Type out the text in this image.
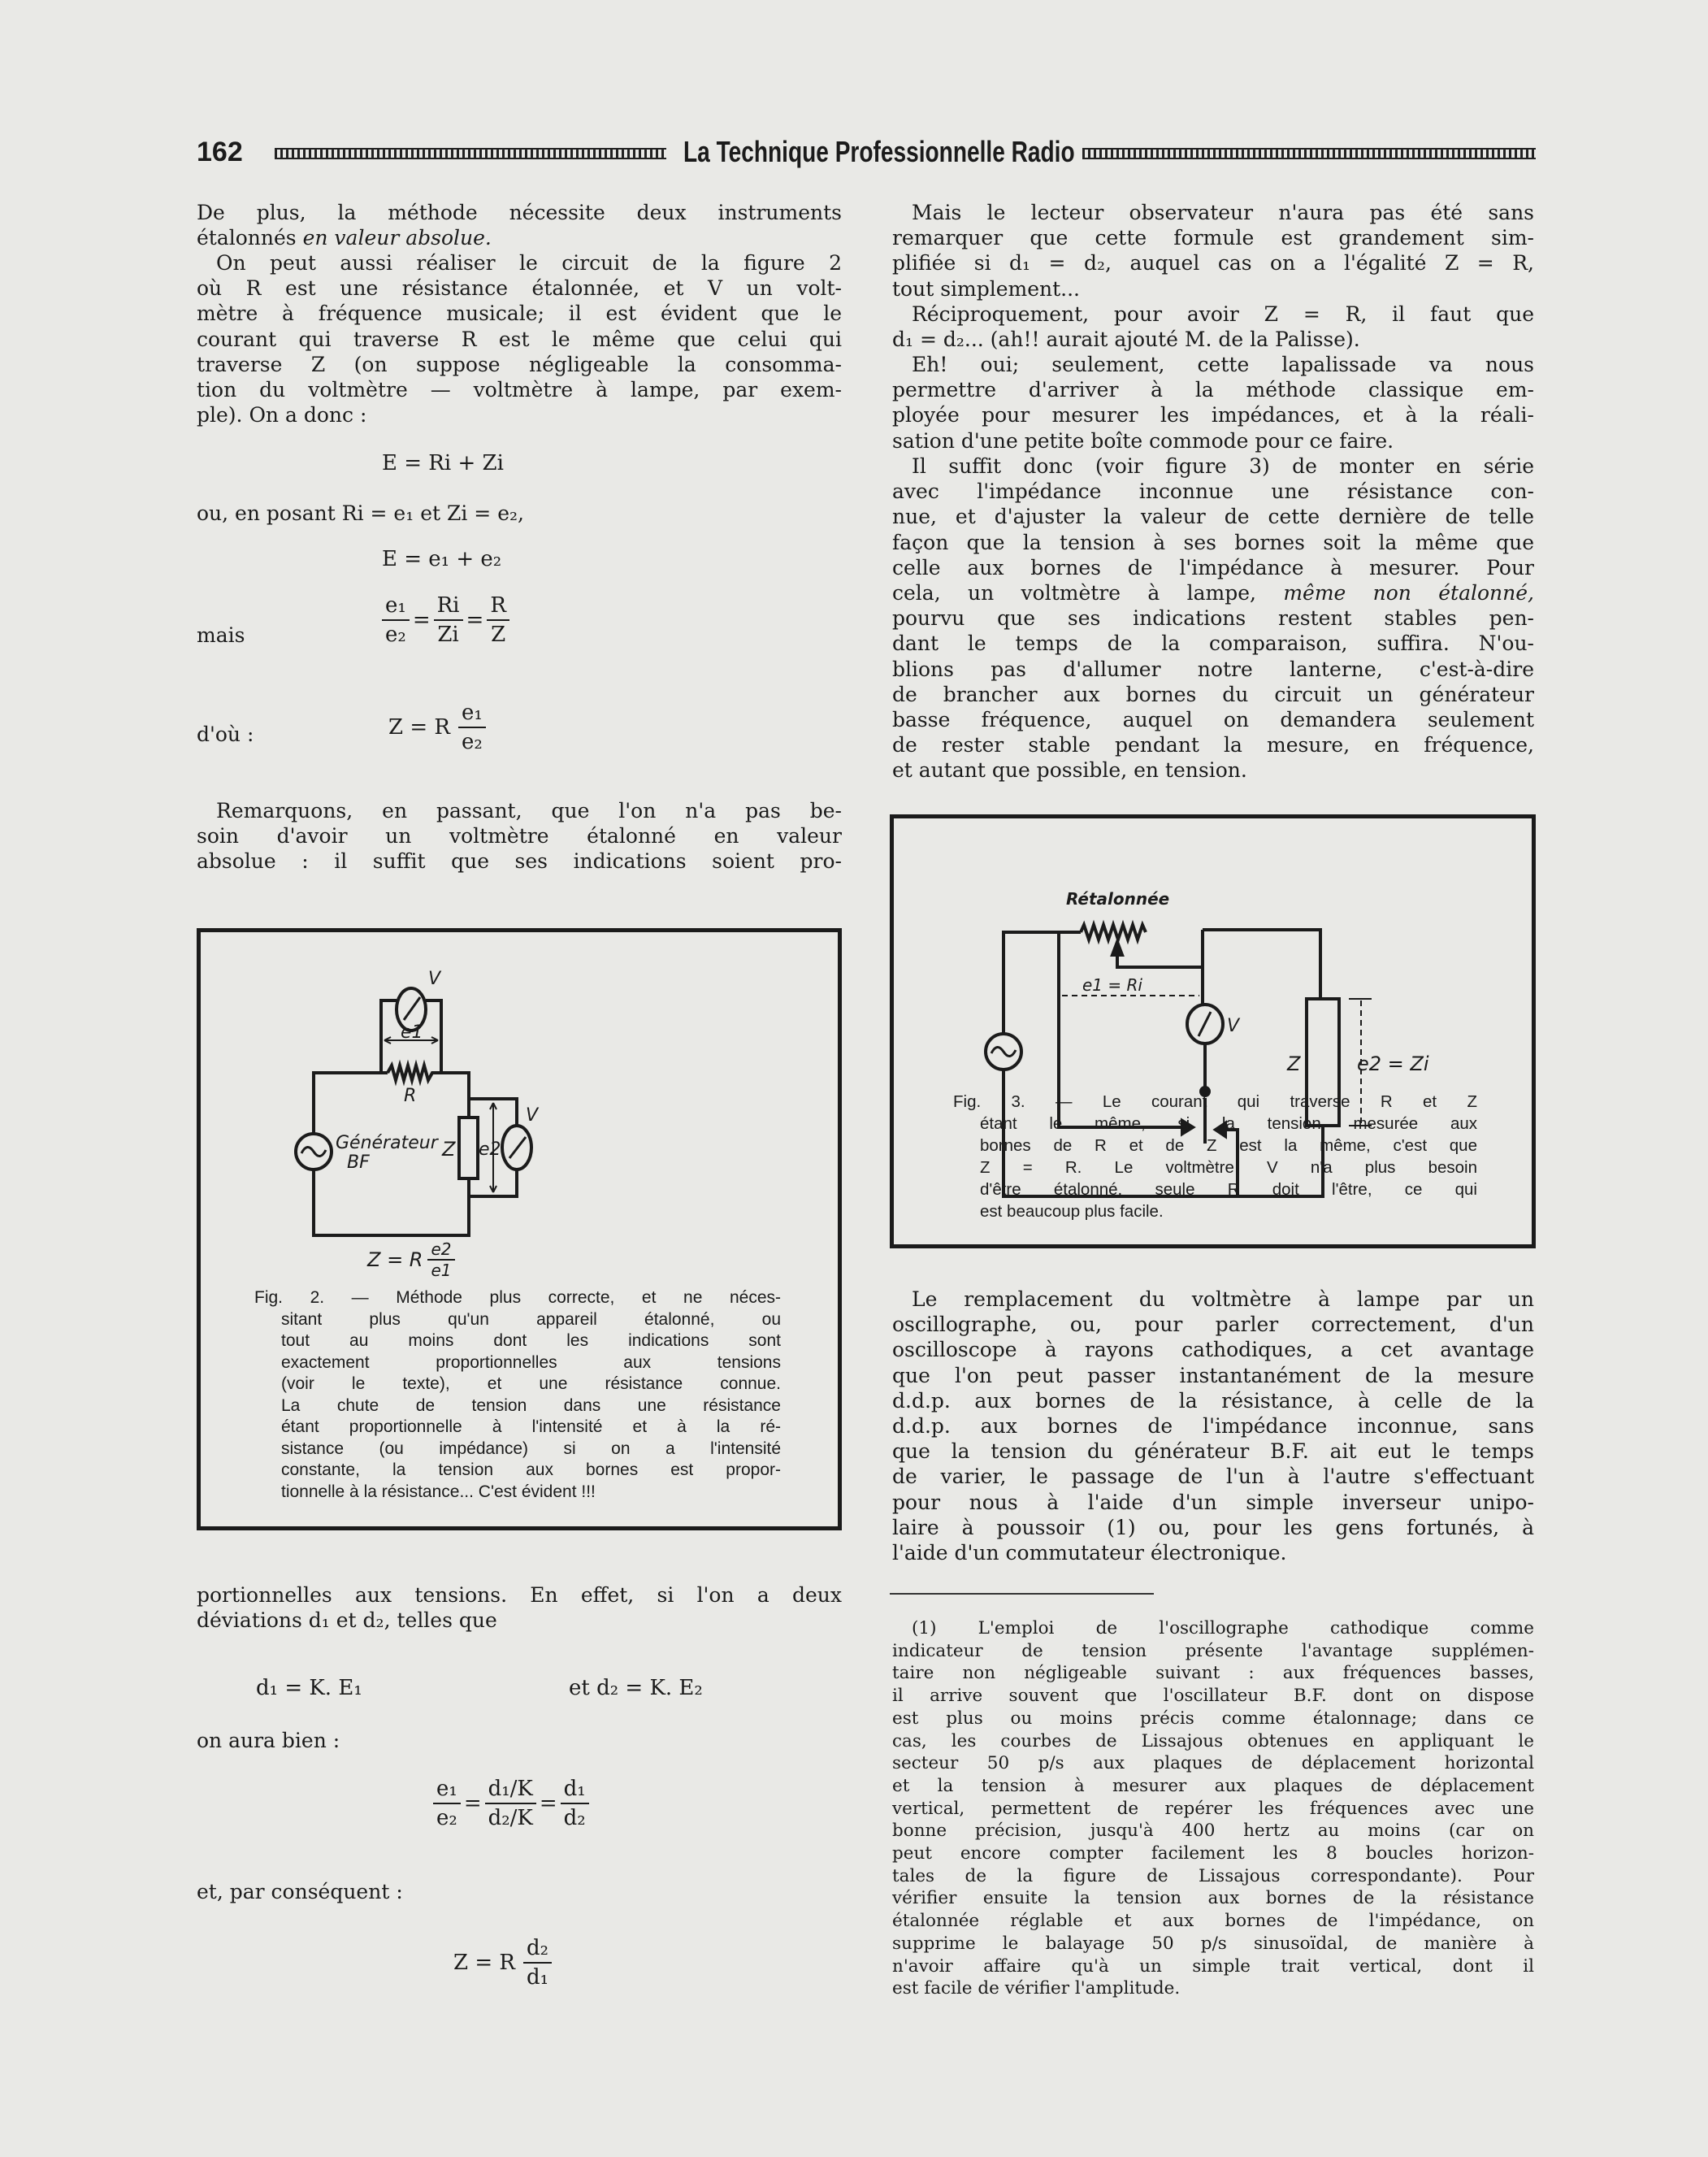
162	La Technique Professionnelle Radio
De plus, la méthode nécessite deux instruments
étalonnés en valeur absolue.
On peut aussi réaliser le circuit de la figure 2
où R est une résistance étalonnée, et V un volt-
mètre à fréquence musicale; il est évident que le
courant qui traverse R est le même que celui qui
traverse Z (on suppose négligeable la consomma-
tion du voltmètre — voltmètre à lampe, par exem-
ple). On a donc :
E = Ri + Zi
ou, en posant Ri = e₁ et Zi = e₂,
E = e₁ + e₂
mais	$\frac{\text{e₁}}{\text{e₂}} = \frac{Ri}{Zi} = \frac{R}{Z}$
d'où :	Z = R $\frac{\text{e₁}}{\text{e₂}}$
Remarquons, en passant, que l'on n'a pas be-
soin d'avoir un voltmètre étalonné en valeur
absolue : il suffit que ses indications soient pro-
V
e1
R
Générateur
BF
Z e2
V
Z = R $\frac{e2}{e1}$
Fig. 2. — Méthode plus correcte, et ne néces-
sitant plus qu'un appareil étalonné, ou
tout au moins dont les indications sont
exactement proportionnelles aux tensions
(voir le texte), et une résistance connue.
La chute de tension dans une résistance
étant proportionnelle à l'intensité et à la ré-
sistance (ou impédance) si on a l'intensité
constante, la tension aux bornes est propor-
tionnelle à la résistance... C'est évident !!!
portionnelles aux tensions. En effet, si l'on a deux
déviations d₁ et d₂, telles que
d₁ = K. E₁	et d₂ = K. E₂
on aura bien :
$\frac{\text{e₁}}{\text{e₂}} = \frac{\text{d₁/K}}{\text{d₂/K}} = \frac{\text{d₁}}{\text{d₂}}$
et, par conséquent :
Z = R $\frac{\text{d₂}}{\text{d₁}}$
Mais le lecteur observateur n'aura pas été sans
remarquer que cette formule est grandement sim-
plifiée si d₁ = d₂, auquel cas on a l'égalité Z = R,
tout simplement...
Réciproquement, pour avoir Z = R, il faut que
d₁ = d₂... (ah!! aurait ajouté M. de la Palisse).
Eh! oui; seulement, cette lapalissade va nous
permettre d'arriver à la méthode classique em-
ployée pour mesurer les impédances, et à la réali-
sation d'une petite boîte commode pour ce faire.
Il suffit donc (voir figure 3) de monter en série
avec l'impédance inconnue une résistance con-
nue, et d'ajuster la valeur de cette dernière de telle
façon que la tension à ses bornes soit la même que
celle aux bornes de l'impédance à mesurer. Pour
cela, un voltmètre à lampe, même non étalonné,
pourvu que ses indications restent stables pen-
dant le temps de la comparaison, suffira. N'ou-
blions pas d'allumer notre lanterne, c'est-à-dire
de brancher aux bornes du circuit un générateur
basse fréquence, auquel on demandera seulement
de rester stable pendant la mesure, en fréquence,
et autant que possible, en tension.
Rétalonnée
e1 = Ri
V
Z	e2 = Zi
Fig. 3. — Le courant qui traverse R et Z
étant le même, si la tension mesurée aux
bornes de R et de Z est la même, c'est que
Z = R. Le voltmètre V n'a plus besoin
d'être étalonné, seule R doit l'être, ce qui
est beaucoup plus facile.
Le remplacement du voltmètre à lampe par un
oscillographe, ou, pour parler correctement, d'un
oscilloscope à rayons cathodiques, a cet avantage
que l'on peut passer instantanément de la mesure
d.d.p. aux bornes de la résistance, à celle de la
d.d.p. aux bornes de l'impédance inconnue, sans
que la tension du générateur B.F. ait eut le temps
de varier, le passage de l'un à l'autre s'effectuant
pour nous à l'aide d'un simple inverseur unipo-
laire à poussoir (1) ou, pour les gens fortunés, à
l'aide d'un commutateur électronique.
(1) L'emploi de l'oscillographe cathodique comme
indicateur de tension présente l'avantage supplémen-
taire non négligeable suivant : aux fréquences basses,
il arrive souvent que l'oscillateur B.F. dont on dispose
est plus ou moins précis comme étalonnage; dans ce
cas, les courbes de Lissajous obtenues en appliquant le
secteur 50 p/s aux plaques de déplacement horizontal
et la tension à mesurer aux plaques de déplacement
vertical, permettent de repérer les fréquences avec une
bonne précision, jusqu'à 400 hertz au moins (car on
peut encore compter facilement les 8 boucles horizon-
tales de la figure de Lissajous correspondante). Pour
vérifier ensuite la tension aux bornes de la résistance
étalonnée réglable et aux bornes de l'impédance, on
supprime le balayage 50 p/s sinusoïdal, de manière à
n'avoir affaire qu'à un simple trait vertical, dont il
est facile de vérifier l'amplitude.
